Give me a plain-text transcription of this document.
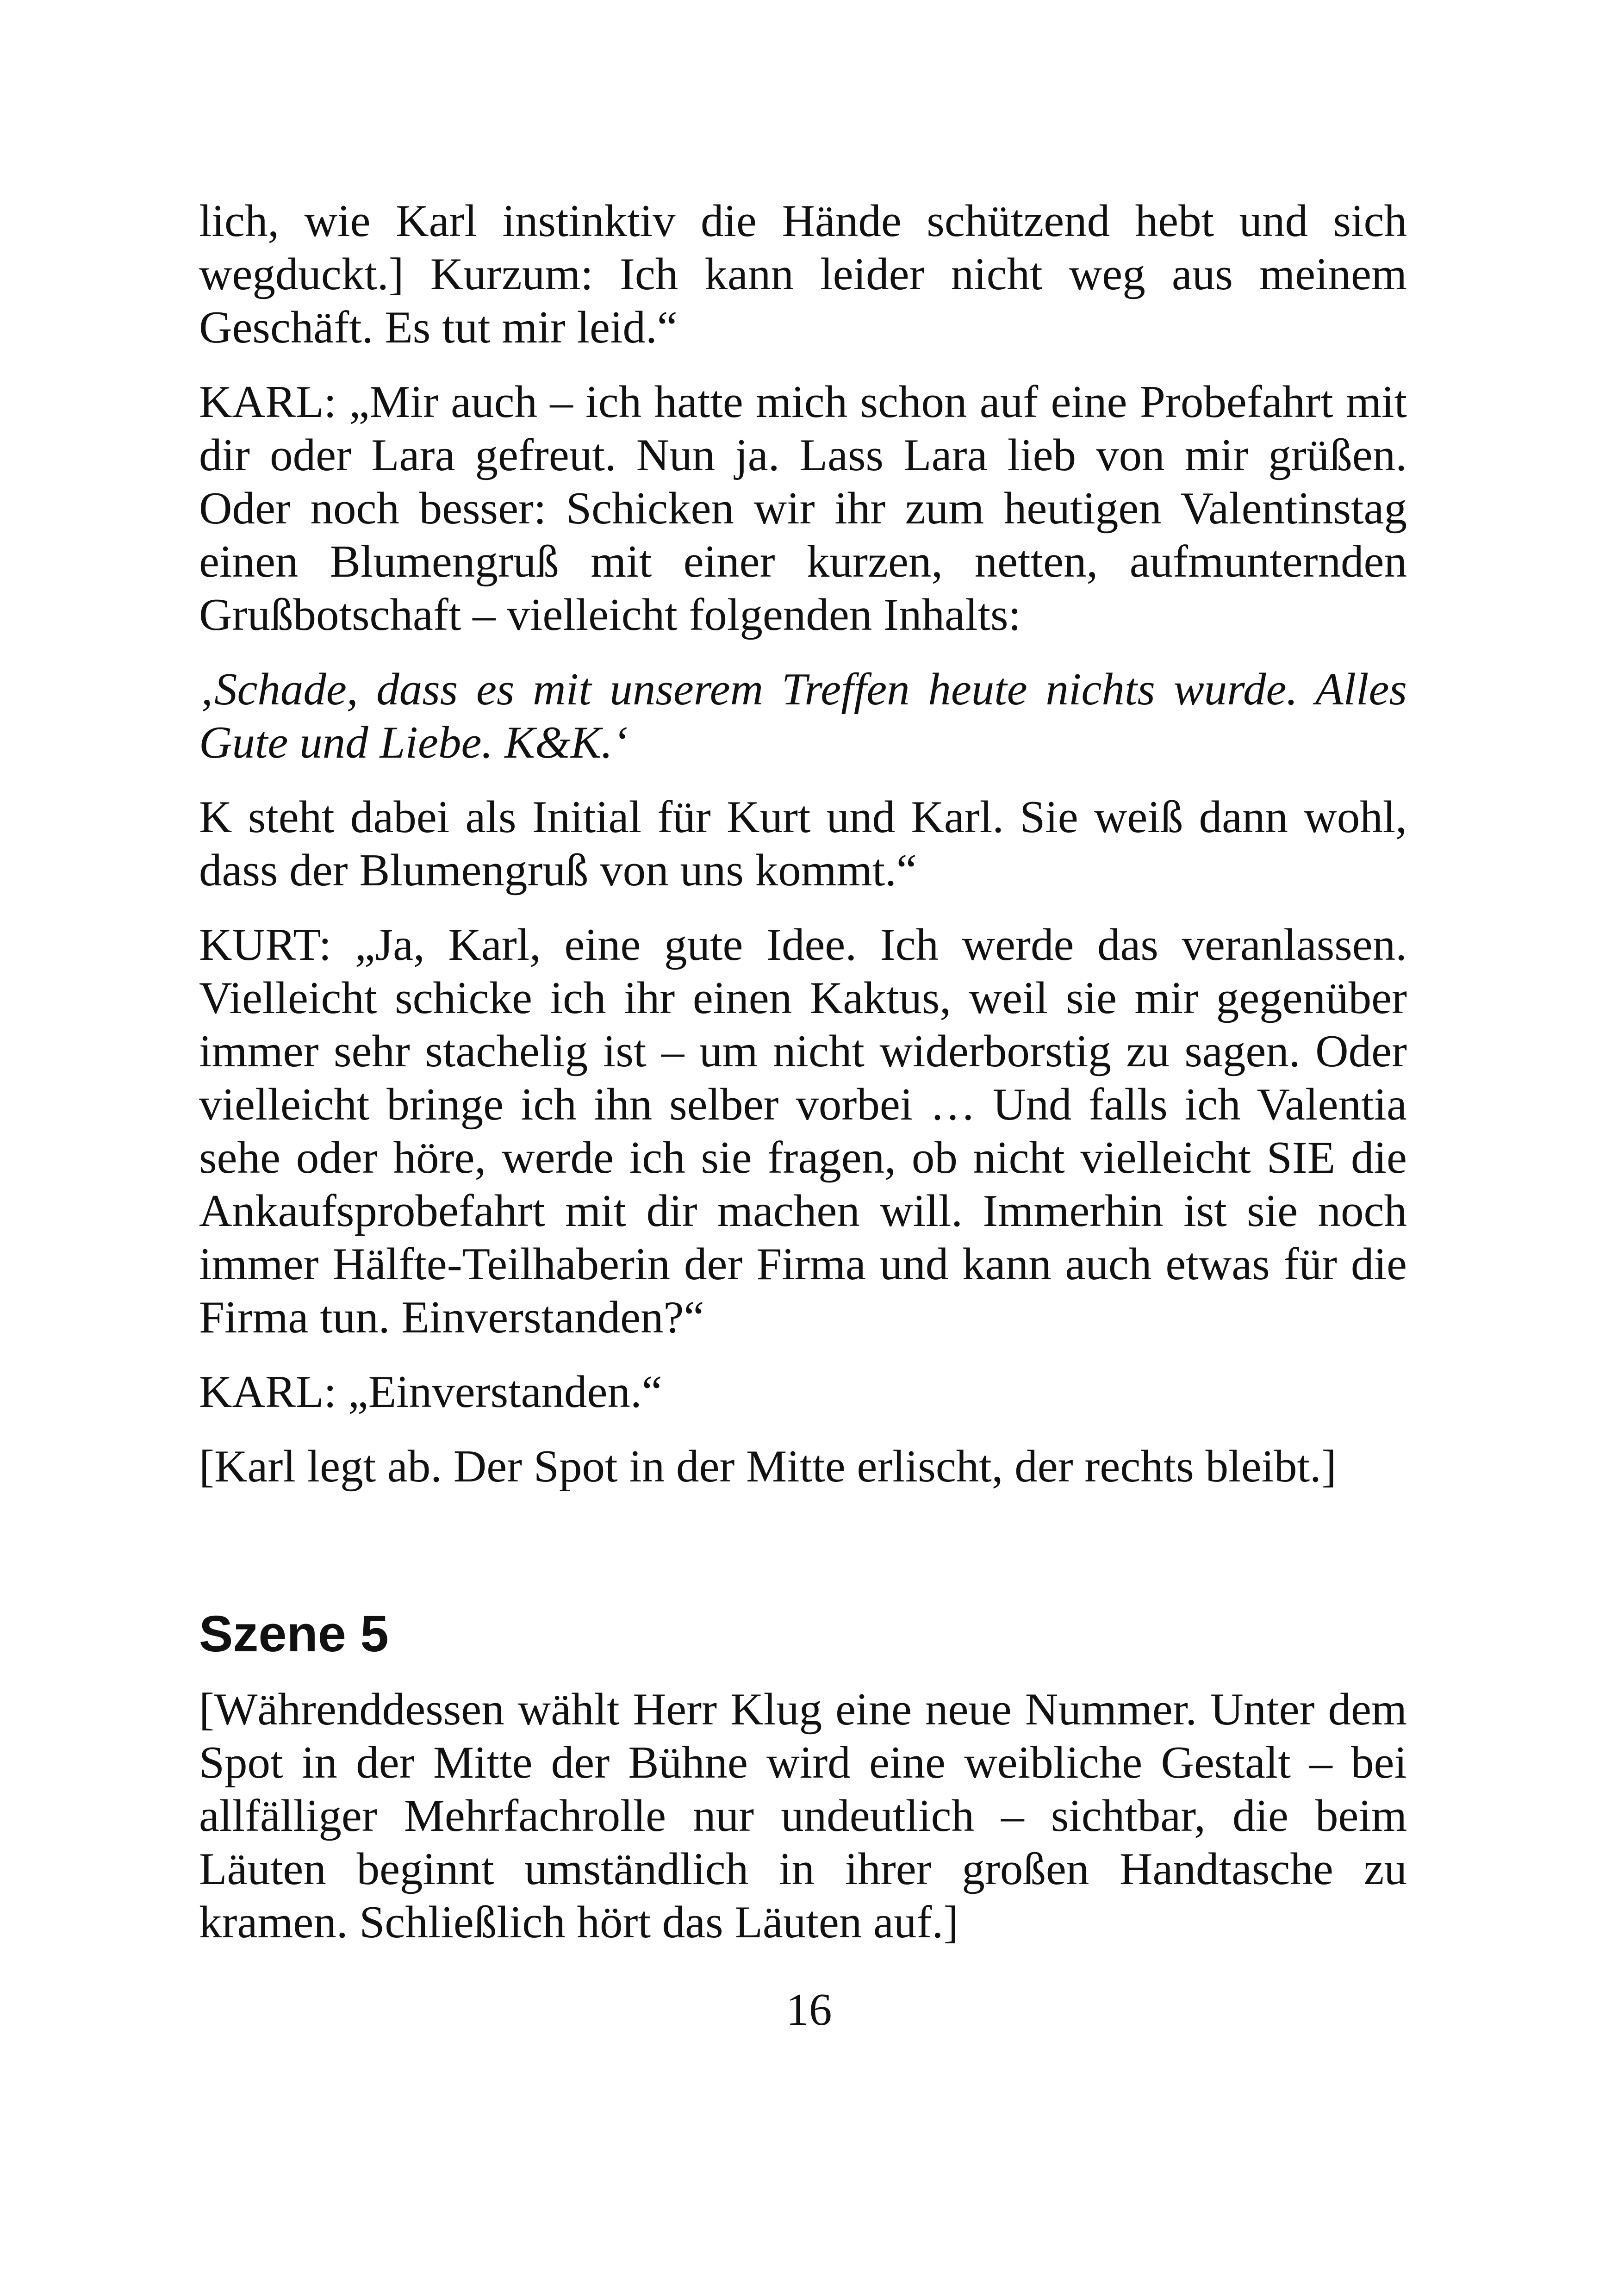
lich, wie Karl instinktiv die Hände schützend hebt und sich wegduckt.] Kurzum: Ich kann leider nicht weg aus meinem Geschäft. Es tut mir leid.“

KARL: „Mir auch – ich hatte mich schon auf eine Probefahrt mit dir oder Lara gefreut. Nun ja. Lass Lara lieb von mir grüßen. Oder noch besser: Schicken wir ihr zum heutigen Valentinstag einen Blumengruß mit einer kurzen, netten, aufmunternden Grußbotschaft – vielleicht folgenden Inhalts:

‚Schade, dass es mit unserem Treffen heute nichts wurde. Alles Gute und Liebe. K&K.‘

K steht dabei als Initial für Kurt und Karl. Sie weiß dann wohl, dass der Blumengruß von uns kommt.“

KURT: „Ja, Karl, eine gute Idee. Ich werde das veranlassen. Vielleicht schicke ich ihr einen Kaktus, weil sie mir gegenüber immer sehr stachelig ist – um nicht widerborstig zu sagen. Oder vielleicht bringe ich ihn selber vorbei … Und falls ich Valentia sehe oder höre, werde ich sie fragen, ob nicht vielleicht SIE die Ankaufsprobefahrt mit dir machen will. Immerhin ist sie noch immer Hälfte-Teilhaberin der Firma und kann auch etwas für die Firma tun. Einverstanden?“

KARL: „Einverstanden.“

[Karl legt ab. Der Spot in der Mitte erlischt, der rechts bleibt.]

Szene 5

[Währenddessen wählt Herr Klug eine neue Nummer. Unter dem Spot in der Mitte der Bühne wird eine weibliche Gestalt – bei allfälliger Mehrfachrolle nur undeutlich – sichtbar, die beim Läuten beginnt umständlich in ihrer großen Handtasche zu kramen. Schließlich hört das Läuten auf.]

16
